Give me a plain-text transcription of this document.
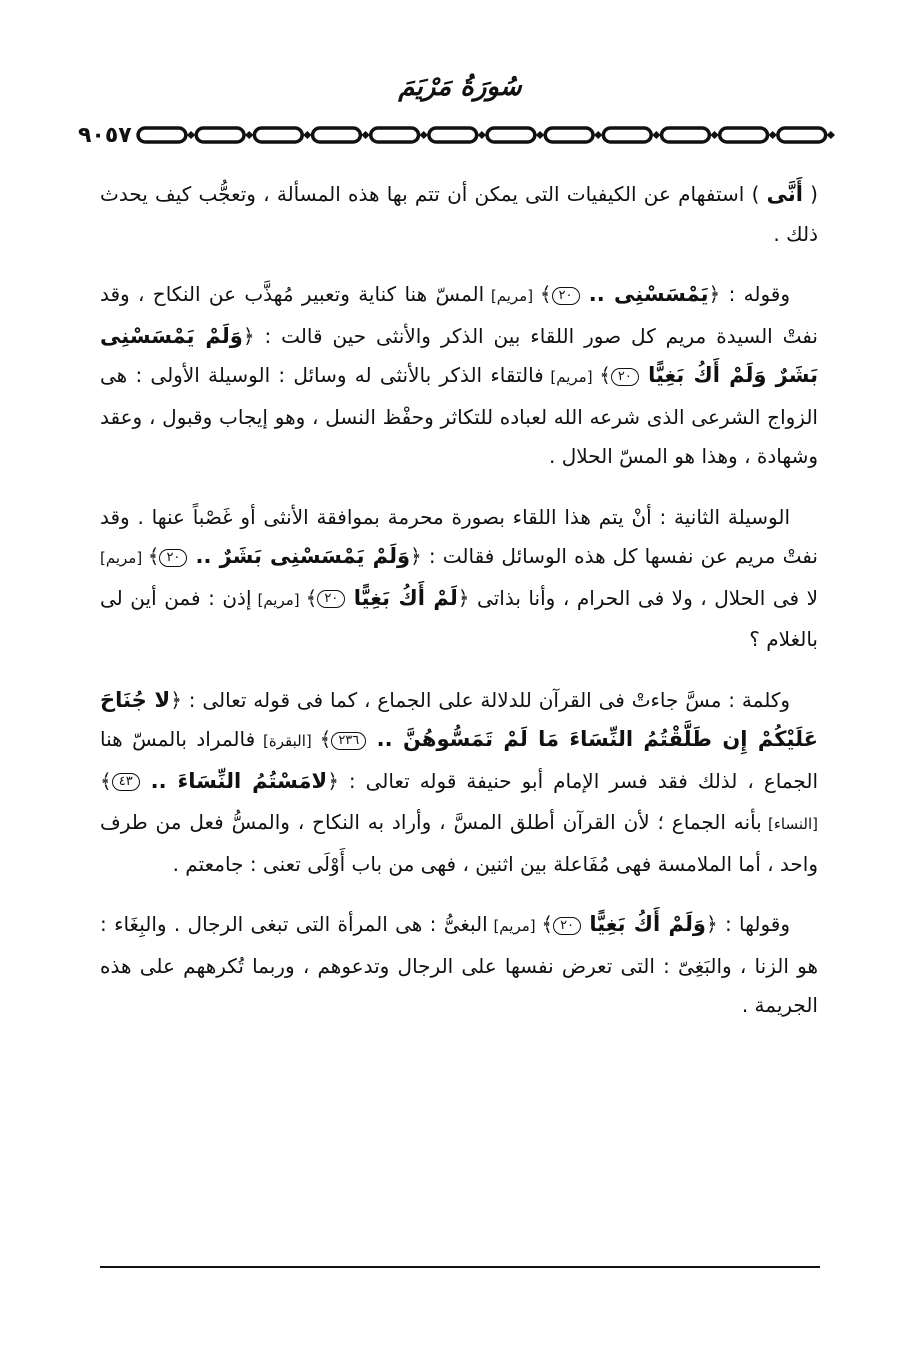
سُورَةُ مَرْيَمَ
٩٠٥٧

( أَنَّى ) استفهام عن الكيفيات التى يمكن أن تتم بها هذه المسألة ، وتعجُّب كيف يحدث ذلك .

وقوله : ﴿يَمْسَسْنِى .. ٢٠﴾ [مريم] المسّ هنا كناية وتعبير مُهذَّب عن النكاح ، وقد نفتْ السيدة مريم كل صور اللقاء بين الذكر والأنثى حين قالت : ﴿وَلَمْ يَمْسَسْنِى بَشَرٌ وَلَمْ أَكُ بَغِيًّا ٢٠﴾ [مريم] فالتقاء الذكر بالأنثى له وسائل : الوسيلة الأولى : هى الزواج الشرعى الذى شرعه الله لعباده للتكاثر وحفْظ النسل ، وهو إيجاب وقبول ، وعقد وشهادة ، وهذا هو المسّ الحلال .

الوسيلة الثانية : أنْ يتم هذا اللقاء بصورة محرمة بموافقة الأنثى أو غَصْباً عنها . وقد نفتْ مريم عن نفسها كل هذه الوسائل فقالت : ﴿وَلَمْ يَمْسَسْنِى بَشَرٌ .. ٢٠﴾ [مريم] لا فى الحلال ، ولا فى الحرام ، وأنا بذاتى ﴿لَمْ أَكُ بَغِيًّا ٢٠﴾ [مريم] إذن : فمن أين لى بالغلام ؟

وكلمة : مسَّ جاءتْ فى القرآن للدلالة على الجماع ، كما فى قوله تعالى : ﴿لا جُنَاحَ عَلَيْكُمْ إِن طَلَّقْتُمُ النِّسَاءَ مَا لَمْ تَمَسُّوهُنَّ .. ٢٣٦﴾ [البقرة] فالمراد بالمسّ هنا الجماع ، لذلك فقد فسر الإمام أبو حنيفة قوله تعالى : ﴿لامَسْتُمُ النِّسَاءَ .. ٤٣﴾ [النساء] بأنه الجماع ؛ لأن القرآن أطلق المسَّ ، وأراد به النكاح ، والمسُّ فعل من طرف واحد ، أما الملامسة فهى مُفَاعلة بين اثنين ، فهى من باب أَوْلَى تعنى : جامعتم .

وقولها : ﴿وَلَمْ أَكُ بَغِيًّا ٢٠﴾ [مريم] البغىُّ : هى المرأة التى تبغى الرجال . والبِغَاء : هو الزنا ، والبَغِىّ : التى تعرض نفسها على الرجال وتدعوهم ، وربما تُكرههم على هذه الجريمة .
